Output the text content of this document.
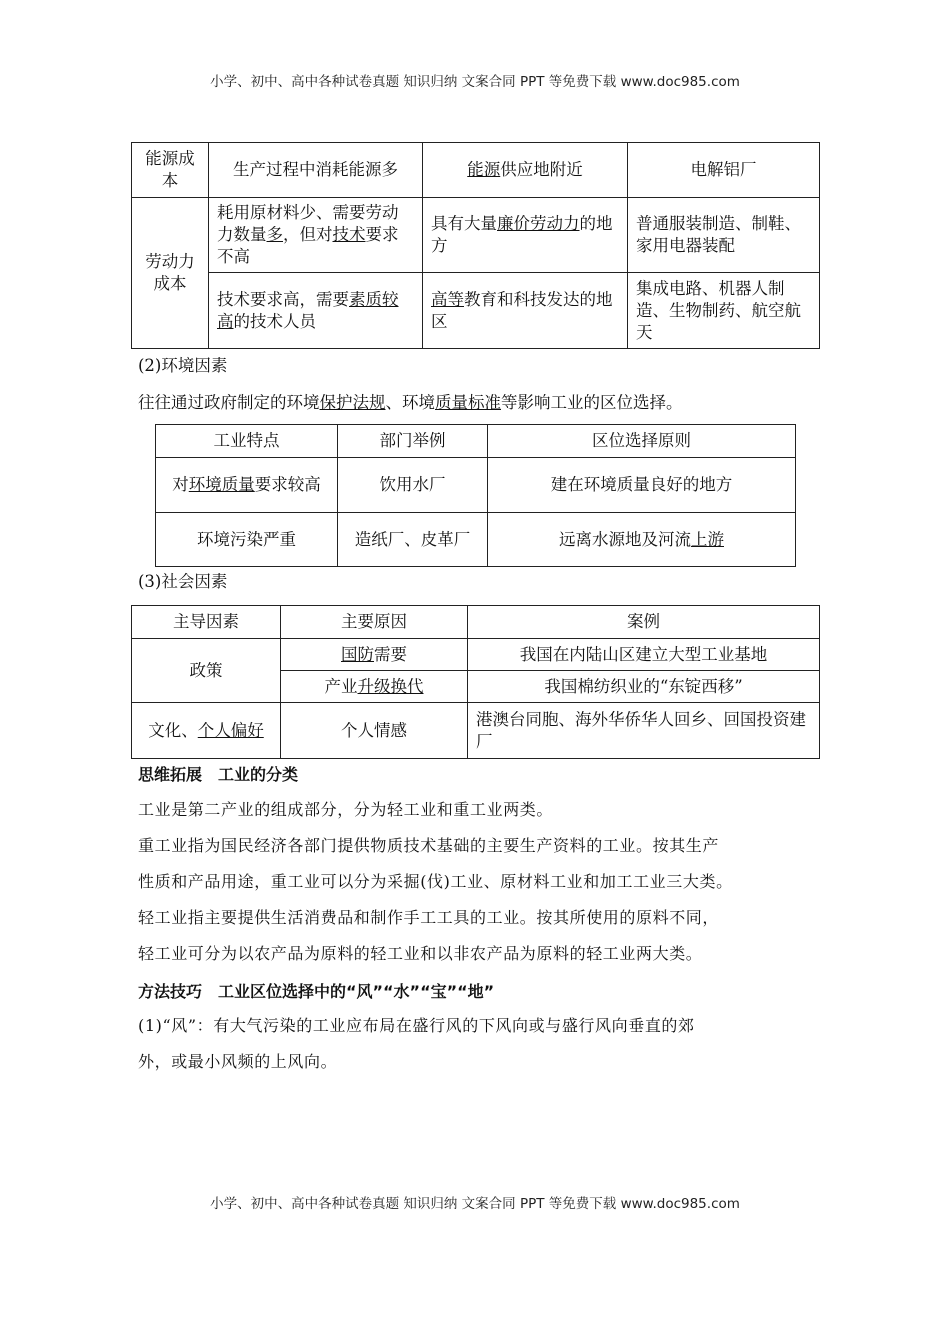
小学、初中、高中各种试卷真题 知识归纳 文案合同 PPT 等免费下载 www.doc985.com
能源成本	生产过程中消耗能源多	能源供应地附近	电解铝厂
劳动力成本	耗用原材料少、需要劳动力数量多，但对技术要求不高	具有大量廉价劳动力的地方	普通服装制造、制鞋、家用电器装配
	技术要求高，需要素质较高的技术人员	高等教育和科技发达的地区	集成电路、机器人制造、生物制药、航空航天
(2)环境因素
往往通过政府制定的环境保护法规、环境质量标准等影响工业的区位选择。
工业特点	部门举例	区位选择原则
对环境质量要求较高	饮用水厂	建在环境质量良好的地方
环境污染严重	造纸厂、皮革厂	远离水源地及河流上游
(3)社会因素
主导因素	主要原因	案例
政策	国防需要	我国在内陆山区建立大型工业基地
	产业升级换代	我国棉纺织业的“东锭西移”
文化、个人偏好	个人情感	港澳台同胞、海外华侨华人回乡、回国投资建厂
思维拓展　工业的分类
工业是第二产业的组成部分，分为轻工业和重工业两类。
重工业指为国民经济各部门提供物质技术基础的主要生产资料的工业。按其生产
性质和产品用途，重工业可以分为采掘(伐)工业、原材料工业和加工工业三大类。
轻工业指主要提供生活消费品和制作手工工具的工业。按其所使用的原料不同，
轻工业可分为以农产品为原料的轻工业和以非农产品为原料的轻工业两大类。
方法技巧　工业区位选择中的“风”“水”“宝”“地”
(1)“风”：有大气污染的工业应布局在盛行风的下风向或与盛行风向垂直的郊
外，或最小风频的上风向。
小学、初中、高中各种试卷真题 知识归纳 文案合同 PPT 等免费下载 www.doc985.com
